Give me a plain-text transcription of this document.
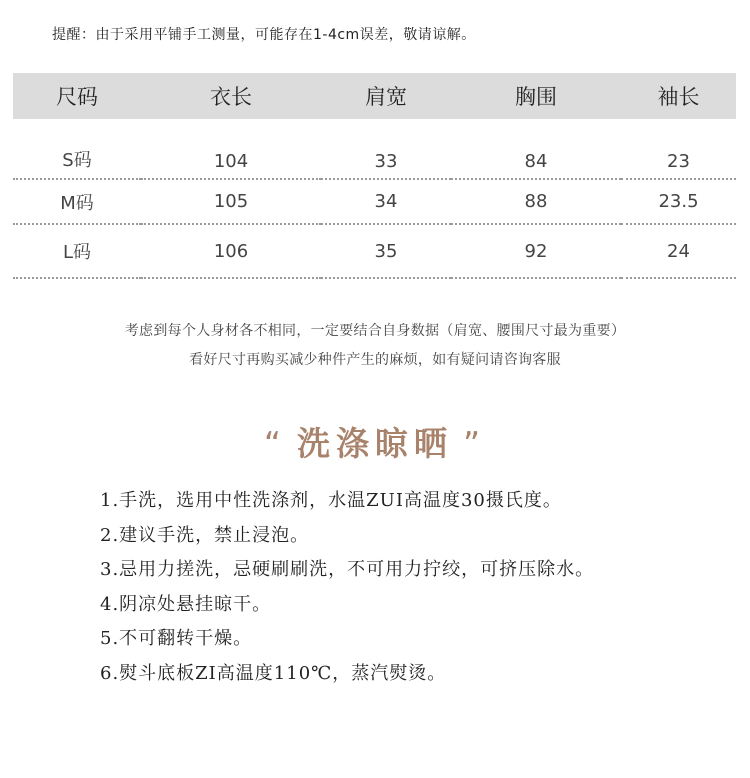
提醒：由于采用平铺手工测量，可能存在1-4cm误差，敬请谅解。
尺码	衣长	肩宽	胸围	袖长
S码	104	33	84	23
M码	105	34	88	23.5
L码	106	35	92	24
考虑到每个人身材各不相同，一定要结合自身数据（肩宽、腰围尺寸最为重要）
看好尺寸再购买减少种件产生的麻烦，如有疑问请咨询客服
“ 洗涤晾晒 ”
1.手洗，选用中性洗涤剂，水温ZUI高温度30摄氏度。
2.建议手洗，禁止浸泡。
3.忌用力搓洗，忌硬刷刷洗，不可用力拧绞，可挤压除水。
4.阴凉处悬挂晾干。
5.不可翻转干燥。
6.熨斗底板ZI高温度110℃，蒸汽熨烫。
